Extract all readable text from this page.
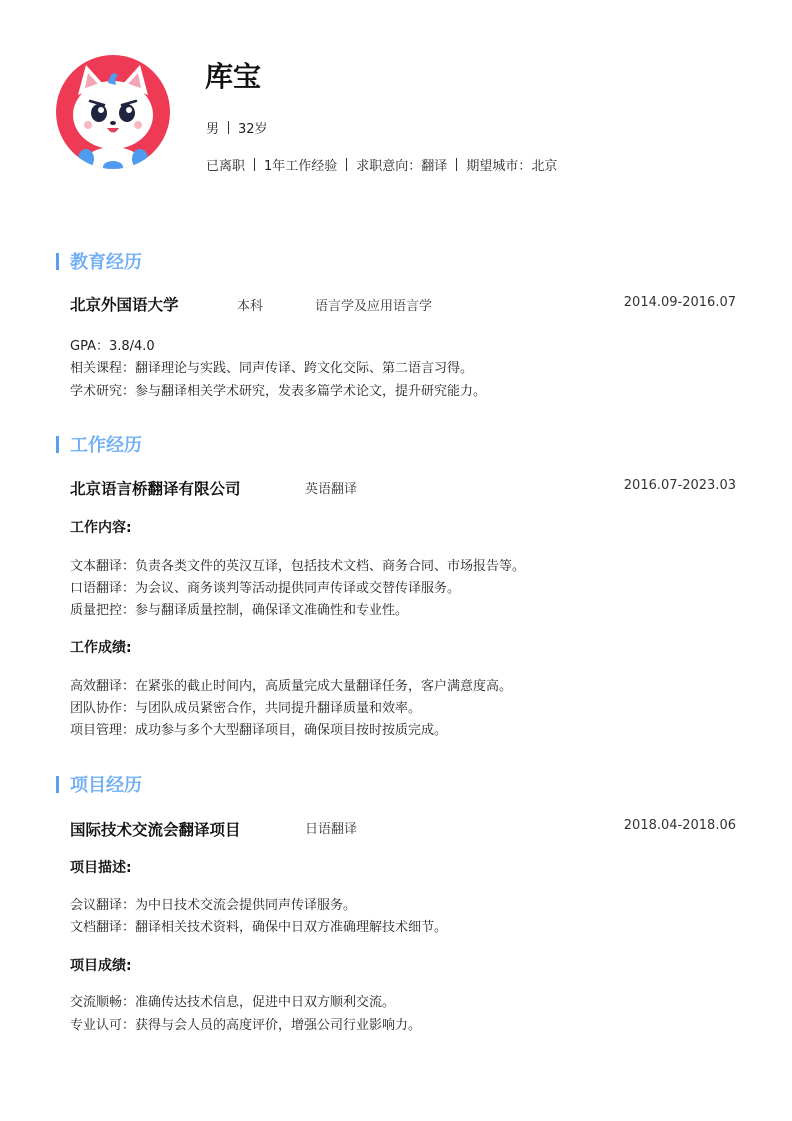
库宝
男 32岁
已离职 1年工作经验 求职意向：翻译 期望城市：北京
教育经历
北京外国语大学	本科	语言学及应用语言学	2014.09-2016.07
GPA：3.8/4.0
相关课程：翻译理论与实践、同声传译、跨文化交际、第二语言习得。
学术研究：参与翻译相关学术研究，发表多篇学术论文，提升研究能力。
工作经历
北京语言桥翻译有限公司	英语翻译	2016.07-2023.03
工作内容:
文本翻译：负责各类文件的英汉互译，包括技术文档、商务合同、市场报告等。
口语翻译：为会议、商务谈判等活动提供同声传译或交替传译服务。
质量把控：参与翻译质量控制，确保译文准确性和专业性。
工作成绩:
高效翻译：在紧张的截止时间内，高质量完成大量翻译任务，客户满意度高。
团队协作：与团队成员紧密合作，共同提升翻译质量和效率。
项目管理：成功参与多个大型翻译项目，确保项目按时按质完成。
项目经历
国际技术交流会翻译项目	日语翻译	2018.04-2018.06
项目描述:
会议翻译：为中日技术交流会提供同声传译服务。
文档翻译：翻译相关技术资料，确保中日双方准确理解技术细节。
项目成绩:
交流顺畅：准确传达技术信息，促进中日双方顺利交流。
专业认可：获得与会人员的高度评价，增强公司行业影响力。
